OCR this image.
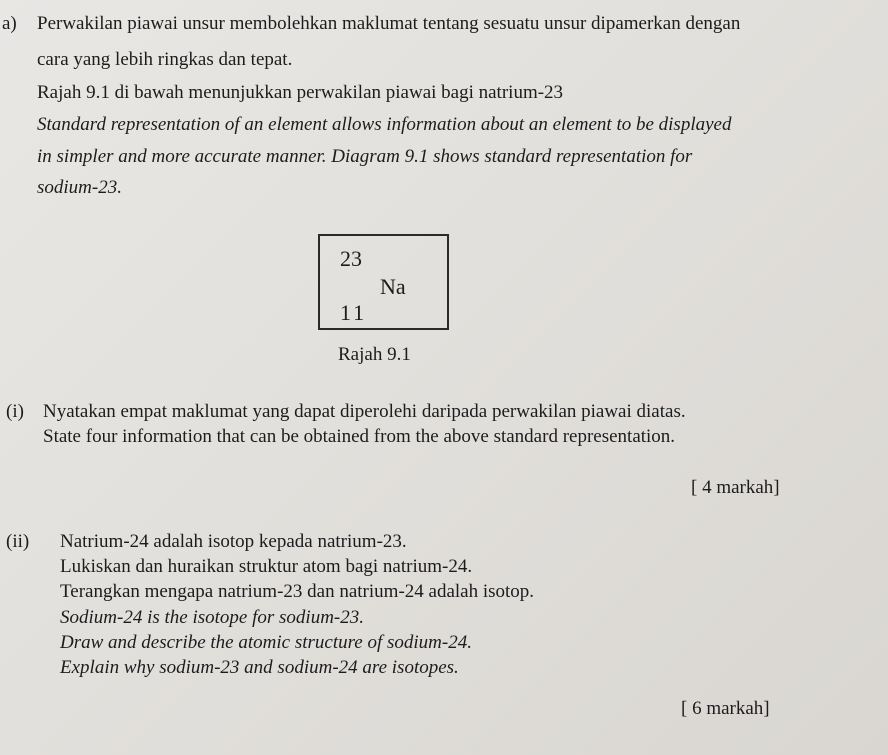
a) Perwakilan piawai unsur membolehkan maklumat tentang sesuatu unsur dipamerkan dengan
cara yang lebih ringkas dan tepat.
Rajah 9.1 di bawah menunjukkan perwakilan piawai bagi natrium-23
Standard representation of an element allows information about an element to be displayed
in simpler and more accurate manner. Diagram 9.1 shows standard representation for
sodium-23.
23
Na
11
Rajah 9.1
(i) Nyatakan empat maklumat yang dapat diperolehi daripada perwakilan piawai diatas.
State four information that can be obtained from the above standard representation.
[ 4 markah]
(ii) Natrium-24 adalah isotop kepada natrium-23.
Lukiskan dan huraikan struktur atom bagi natrium-24.
Terangkan mengapa natrium-23 dan natrium-24 adalah isotop.
Sodium-24 is the isotope for sodium-23.
Draw and describe the atomic structure of sodium-24.
Explain why sodium-23 and sodium-24 are isotopes.
[ 6 markah]
